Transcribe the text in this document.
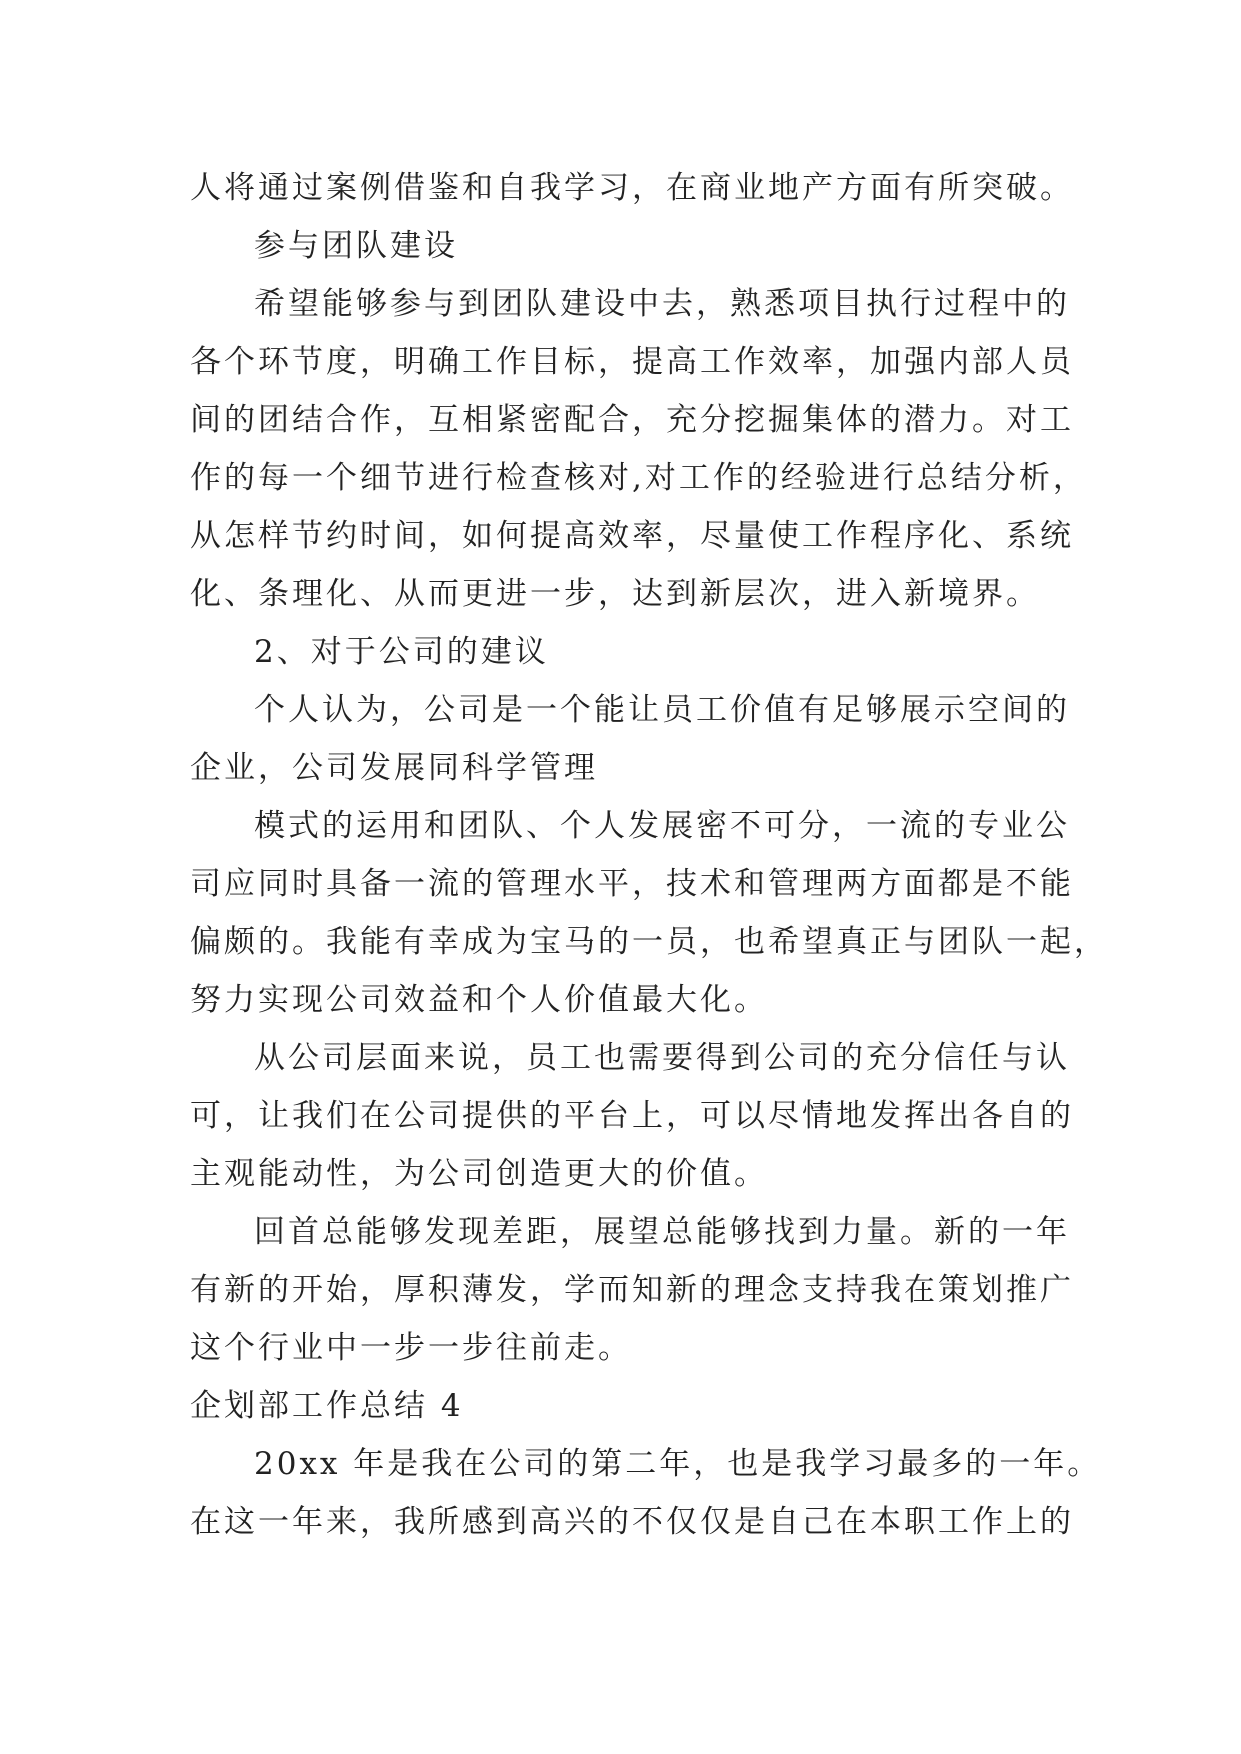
人将通过案例借鉴和自我学习，在商业地产方面有所突破。
参与团队建设
希望能够参与到团队建设中去，熟悉项目执行过程中的
各个环节度，明确工作目标，提高工作效率，加强内部人员
间的团结合作，互相紧密配合，充分挖掘集体的潜力。对工
作的每一个细节进行检查核对,对工作的经验进行总结分析，
从怎样节约时间，如何提高效率，尽量使工作程序化、系统
化、条理化、从而更进一步，达到新层次，进入新境界。
2、对于公司的建议
个人认为，公司是一个能让员工价值有足够展示空间的
企业，公司发展同科学管理
模式的运用和团队、个人发展密不可分，一流的专业公
司应同时具备一流的管理水平，技术和管理两方面都是不能
偏颇的。我能有幸成为宝马的一员，也希望真正与团队一起，
努力实现公司效益和个人价值最大化。
从公司层面来说，员工也需要得到公司的充分信任与认
可，让我们在公司提供的平台上，可以尽情地发挥出各自的
主观能动性，为公司创造更大的价值。
回首总能够发现差距，展望总能够找到力量。新的一年
有新的开始，厚积薄发，学而知新的理念支持我在策划推广
这个行业中一步一步往前走。
企划部工作总结 4
20xx 年是我在公司的第二年，也是我学习最多的一年。
在这一年来，我所感到高兴的不仅仅是自己在本职工作上的
